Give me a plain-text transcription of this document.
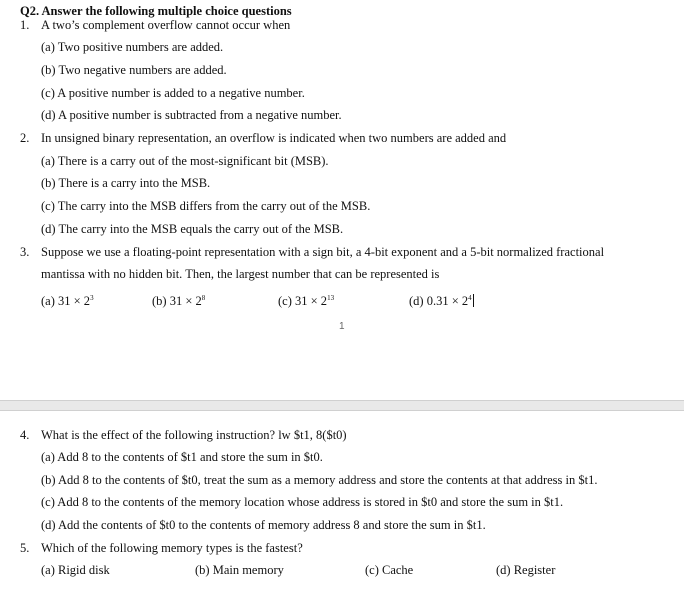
Q2. Answer the following multiple choice questions
1. A two’s complement overflow cannot occur when
(a) Two positive numbers are added.
(b) Two negative numbers are added.
(c) A positive number is added to a negative number.
(d) A positive number is subtracted from a negative number.
2. In unsigned binary representation, an overflow is indicated when two numbers are added and
(a) There is a carry out of the most-significant bit (MSB).
(b) There is a carry into the MSB.
(c) The carry into the MSB differs from the carry out of the MSB.
(d) The carry into the MSB equals the carry out of the MSB.
3. Suppose we use a floating-point representation with a sign bit, a 4-bit exponent and a 5-bit normalized fractional
mantissa with no hidden bit. Then, the largest number that can be represented is
(a) $31 \times 2^3$	(b) $31 \times 2^8$	(c) $31 \times 2^{13}$	(d) $0.31 \times 2^4$
1
4. What is the effect of the following instruction? lw $t1, 8($t0)
(a) Add 8 to the contents of $t1 and store the sum in $t0.
(b) Add 8 to the contents of $t0, treat the sum as a memory address and store the contents at that address in $t1.
(c) Add 8 to the contents of the memory location whose address is stored in $t0 and store the sum in $t1.
(d) Add the contents of $t0 to the contents of memory address 8 and store the sum in $t1.
5. Which of the following memory types is the fastest?
(a) Rigid disk	(b) Main memory	(c) Cache	(d) Register
